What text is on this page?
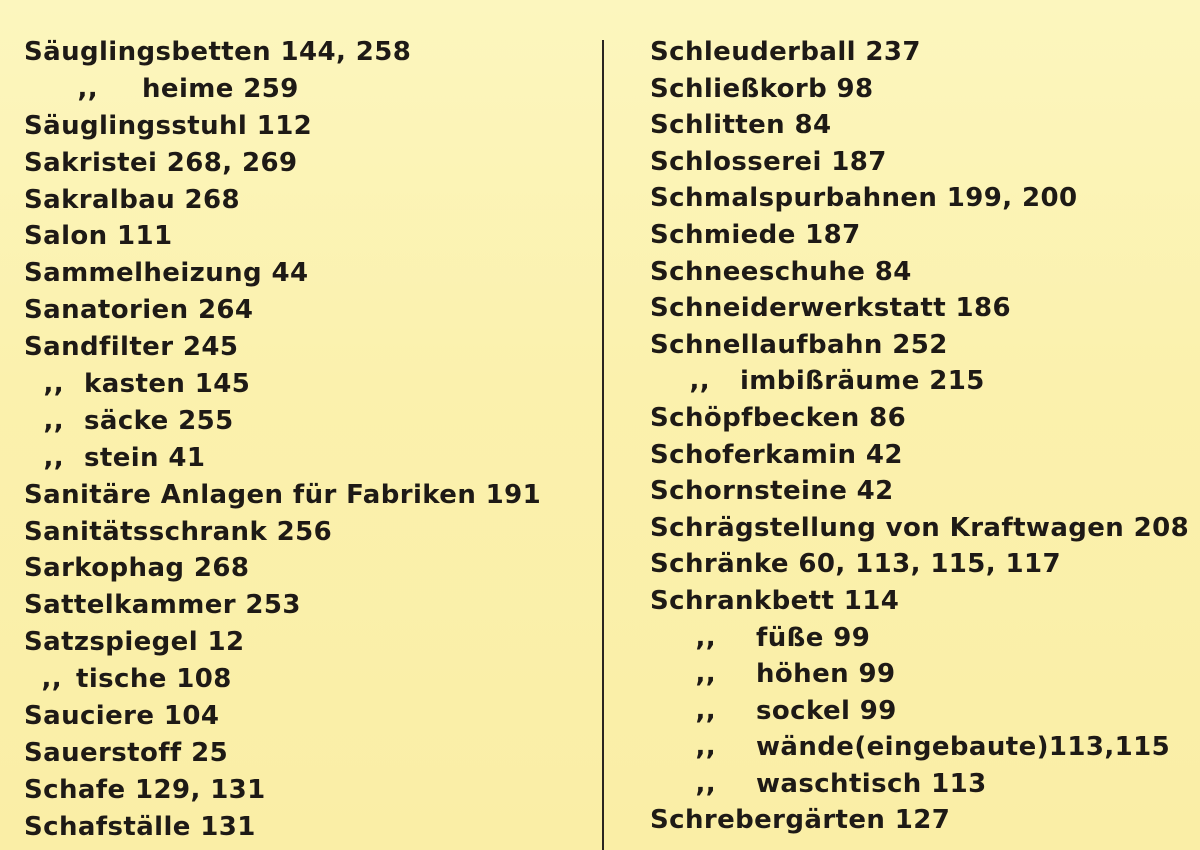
Säuglingsbetten 144, 258
,, heime 259
Säuglingsstuhl 112
Sakristei 268, 269
Sakralbau 268
Salon 111
Sammelheizung 44
Sanatorien 264
Sandfilter 245
,, kasten 145
,, säcke 255
,, stein 41
Sanitäre Anlagen für Fabriken 191
Sanitätsschrank 256
Sarkophag 268
Sattelkammer 253
Satzspiegel 12
,, tische 108
Sauciere 104
Sauerstoff 25
Schafe 129, 131
Schafställe 131
Schleuderball 237
Schließkorb 98
Schlitten 84
Schlosserei 187
Schmalspurbahnen 199, 200
Schmiede 187
Schneeschuhe 84
Schneiderwerkstatt 186
Schnellaufbahn 252
,, imbißräume 215
Schöpfbecken 86
Schoferkamin 42
Schornsteine 42
Schrägstellung von Kraftwagen 208
Schränke 60, 113, 115, 117
Schrankbett 114
,, füße 99
,, höhen 99
,, sockel 99
,, wände(eingebaute)113,115
,, waschtisch 113
Schrebergärten 127
